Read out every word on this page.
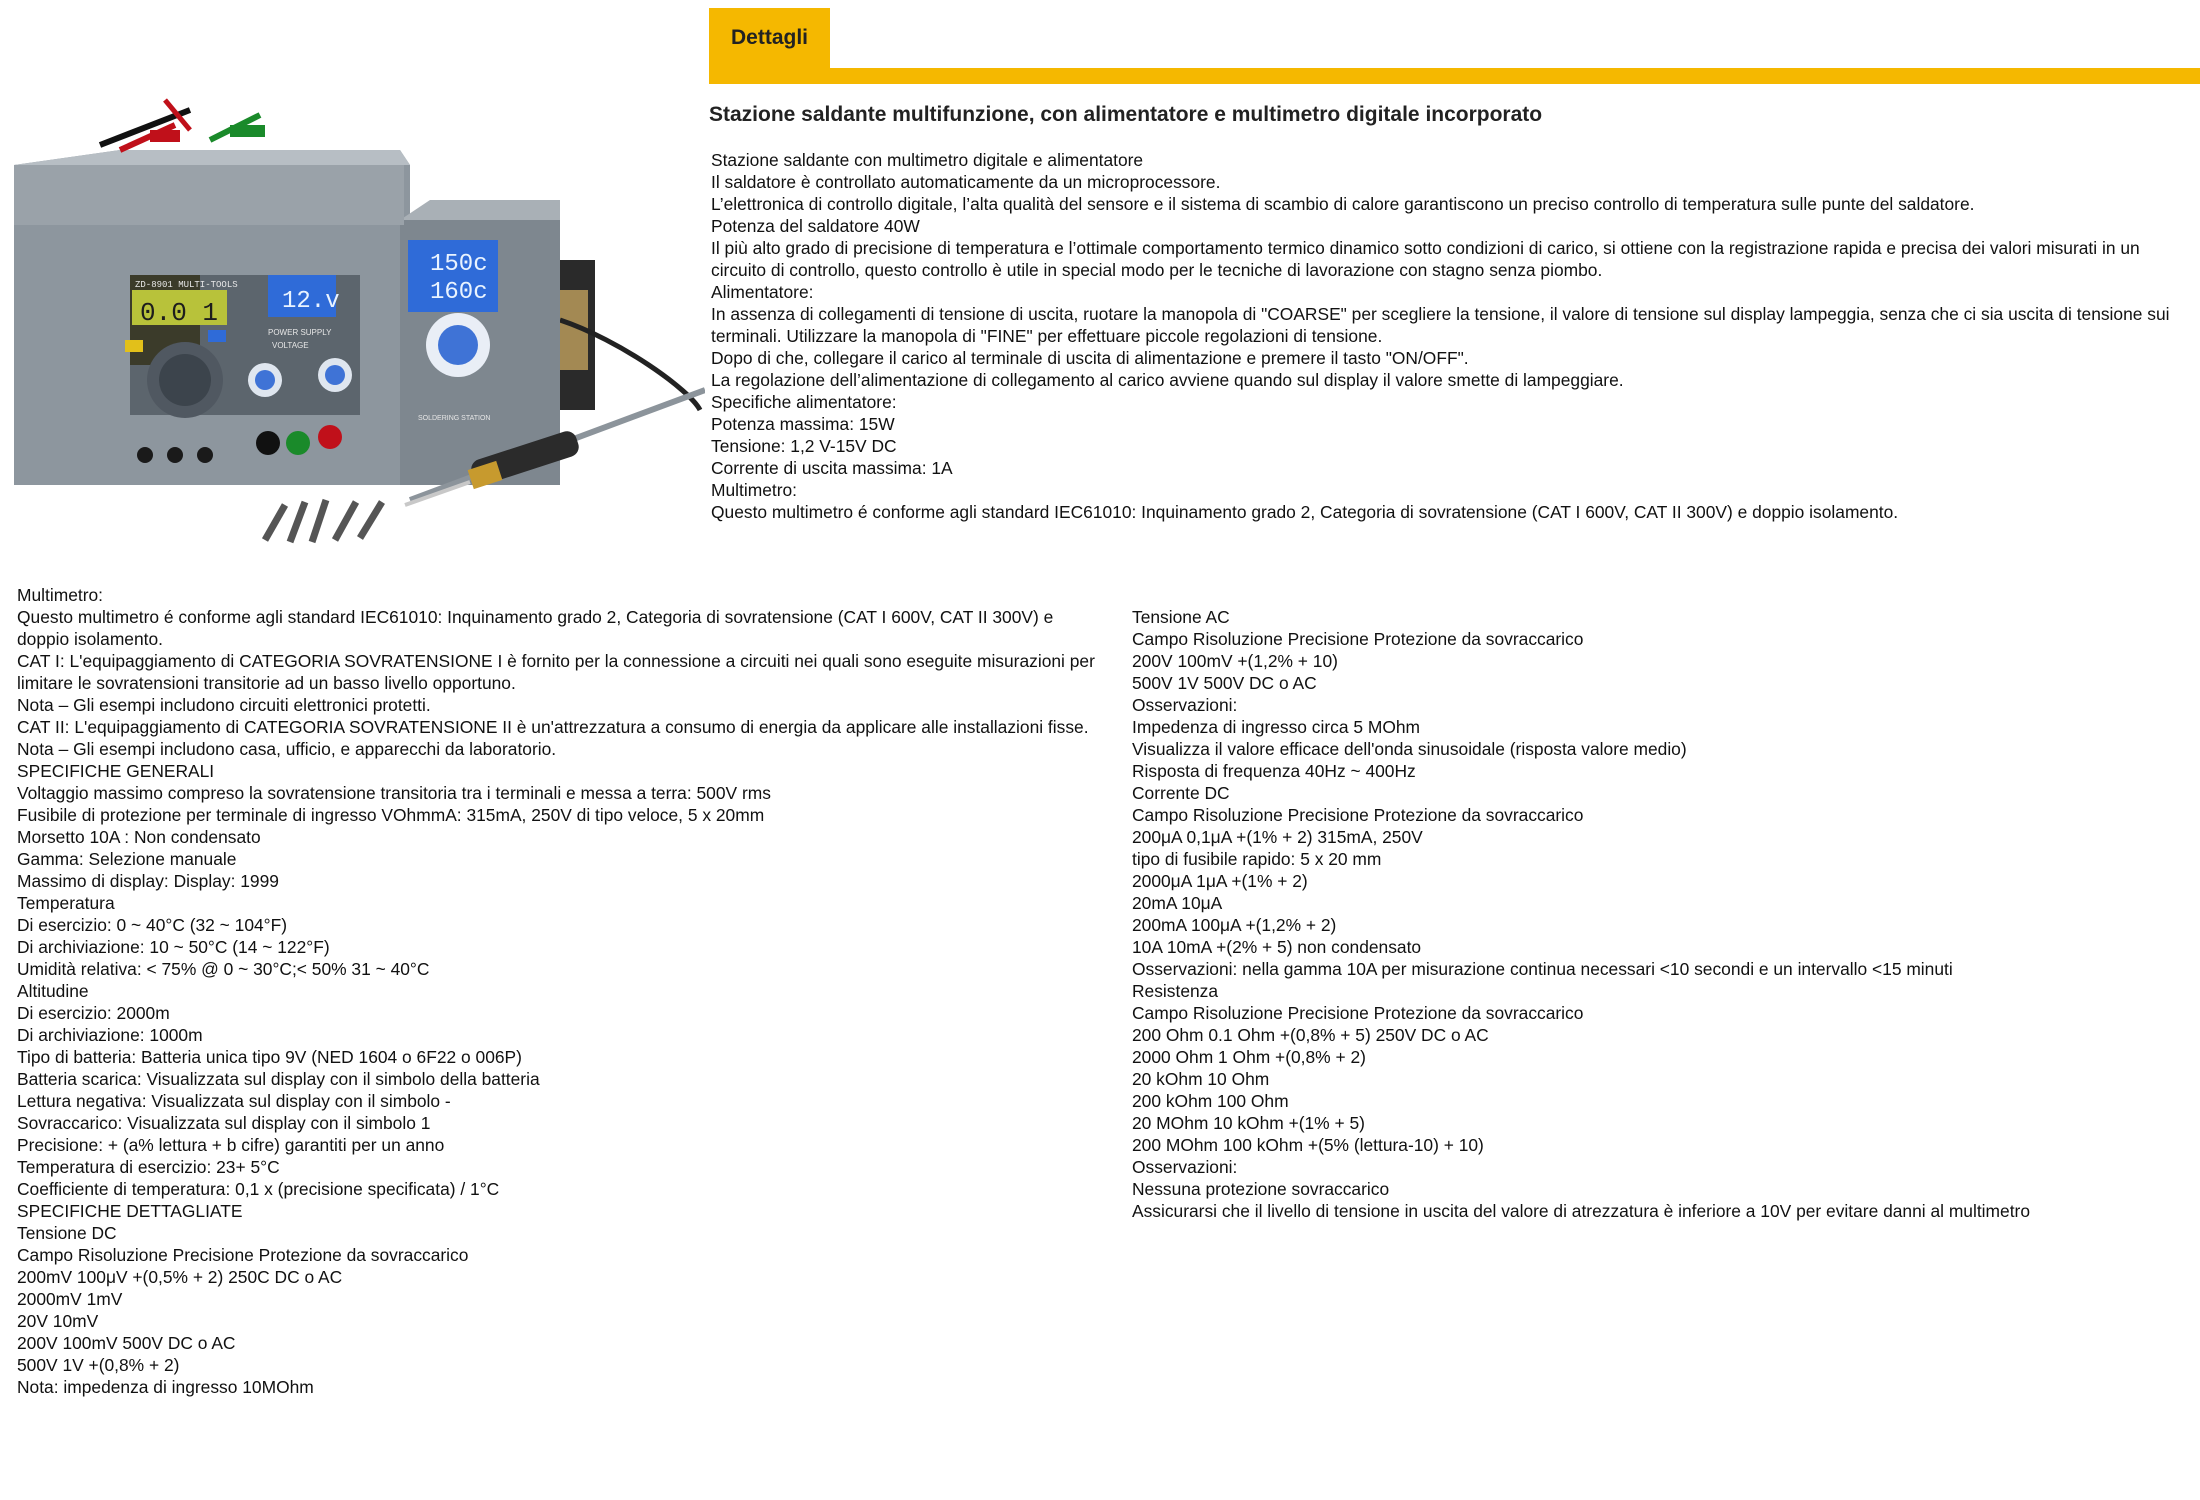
ZD-8901 MULTI-TOOLS
0.0 1	12.v
POWER SUPPLY
VOLTAGE
150c
160c
SOLDERING STATION
Dettagli
Stazione saldante multifunzione, con alimentatore e multimetro digitale incorporato
Stazione saldante con multimetro digitale e alimentatore
Il saldatore è controllato automaticamente da un microprocessore.
L’elettronica di controllo digitale, l’alta qualità del sensore e il sistema di scambio di calore garantiscono un preciso controllo di temperatura sulle punte del saldatore.
Potenza del saldatore 40W
Il più alto grado di precisione di temperatura e l’ottimale comportamento termico dinamico sotto condizioni di carico, si ottiene con la registrazione rapida e precisa dei valori misurati in un circuito di controllo, questo controllo è utile in special modo per le tecniche di lavorazione con stagno senza piombo.
Alimentatore:
In assenza di collegamenti di tensione di uscita, ruotare la manopola di "COARSE" per scegliere la tensione, il valore di tensione sul display lampeggia, senza che ci sia uscita di tensione sui terminali. Utilizzare la manopola di "FINE" per effettuare piccole regolazioni di tensione.
Dopo di che, collegare il carico al terminale di uscita di alimentazione e premere il tasto "ON/OFF".
La regolazione dell’alimentazione di collegamento al carico avviene quando sul display il valore smette di lampeggiare.
Specifiche alimentatore:
Potenza massima: 15W
Tensione: 1,2 V-15V DC
Corrente di uscita massima: 1A
Multimetro:
Questo multimetro é conforme agli standard IEC61010: Inquinamento grado 2, Categoria di sovratensione (CAT I 600V, CAT II 300V) e doppio isolamento.
Multimetro:
Questo multimetro é conforme agli standard IEC61010: Inquinamento grado 2, Categoria di sovratensione (CAT I 600V, CAT II 300V) e doppio isolamento.
CAT I: L'equipaggiamento di CATEGORIA SOVRATENSIONE I è fornito per la connessione a circuiti nei quali sono eseguite misurazioni per limitare le sovratensioni transitorie ad un basso livello opportuno.
Nota – Gli esempi includono circuiti elettronici protetti.
CAT II: L'equipaggiamento di CATEGORIA SOVRATENSIONE II è un'attrezzatura a consumo di energia da applicare alle installazioni fisse.
Nota – Gli esempi includono casa, ufficio, e apparecchi da laboratorio.
SPECIFICHE GENERALI
Voltaggio massimo compreso la sovratensione transitoria tra i terminali e messa a terra: 500V rms
Fusibile di protezione per terminale di ingresso VOhmmA: 315mA, 250V di tipo veloce, 5 x 20mm
Morsetto 10A : Non condensato
Gamma: Selezione manuale
Massimo di display: Display: 1999
Temperatura
Di esercizio: 0 ~ 40°C (32 ~ 104°F)
Di archiviazione: 10 ~ 50°C (14 ~ 122°F)
Umidità relativa: < 75% @ 0 ~ 30°C;< 50% 31 ~ 40°C
Altitudine
Di esercizio: 2000m
Di archiviazione: 1000m
Tipo di batteria: Batteria unica tipo 9V (NED 1604 o 6F22 o 006P)
Batteria scarica: Visualizzata sul display con il simbolo della batteria
Lettura negativa: Visualizzata sul display con il simbolo -
Sovraccarico: Visualizzata sul display con il simbolo 1
Precisione: + (a% lettura + b cifre) garantiti per un anno
Temperatura di esercizio: 23+ 5°C
Coefficiente di temperatura: 0,1 x (precisione specificata) / 1°C
SPECIFICHE DETTAGLIATE
Tensione DC
Campo Risoluzione Precisione Protezione da sovraccarico
200mV 100μV +(0,5% + 2) 250C DC o AC
2000mV 1mV
20V 10mV
200V 100mV 500V DC o AC
500V 1V +(0,8% + 2)
Nota: impedenza di ingresso 10MOhm
Tensione AC
Campo Risoluzione Precisione Protezione da sovraccarico
200V 100mV +(1,2% + 10)
500V 1V 500V DC o AC
Osservazioni:
Impedenza di ingresso circa 5 MOhm
Visualizza il valore efficace dell'onda sinusoidale (risposta valore medio)
Risposta di frequenza 40Hz ~ 400Hz
Corrente DC
Campo Risoluzione Precisione Protezione da sovraccarico
200μA 0,1μA +(1% + 2) 315mA, 250V
tipo di fusibile rapido: 5 x 20 mm
2000μA 1μA +(1% + 2)
20mA 10μA
200mA 100μA +(1,2% + 2)
10A 10mA +(2% + 5) non condensato
Osservazioni: nella gamma 10A per misurazione continua necessari <10 secondi e un intervallo <15 minuti
Resistenza
Campo Risoluzione Precisione Protezione da sovraccarico
200 Ohm 0.1 Ohm +(0,8% + 5) 250V DC o AC
2000 Ohm 1 Ohm +(0,8% + 2)
20 kOhm 10 Ohm
200 kOhm 100 Ohm
20 MOhm 10 kOhm +(1% + 5)
200 MOhm 100 kOhm +(5% (lettura-10) + 10)
Osservazioni:
Nessuna protezione sovraccarico
Assicurarsi che il livello di tensione in uscita del valore di atrezzatura è inferiore a 10V per evitare danni al multimetro
